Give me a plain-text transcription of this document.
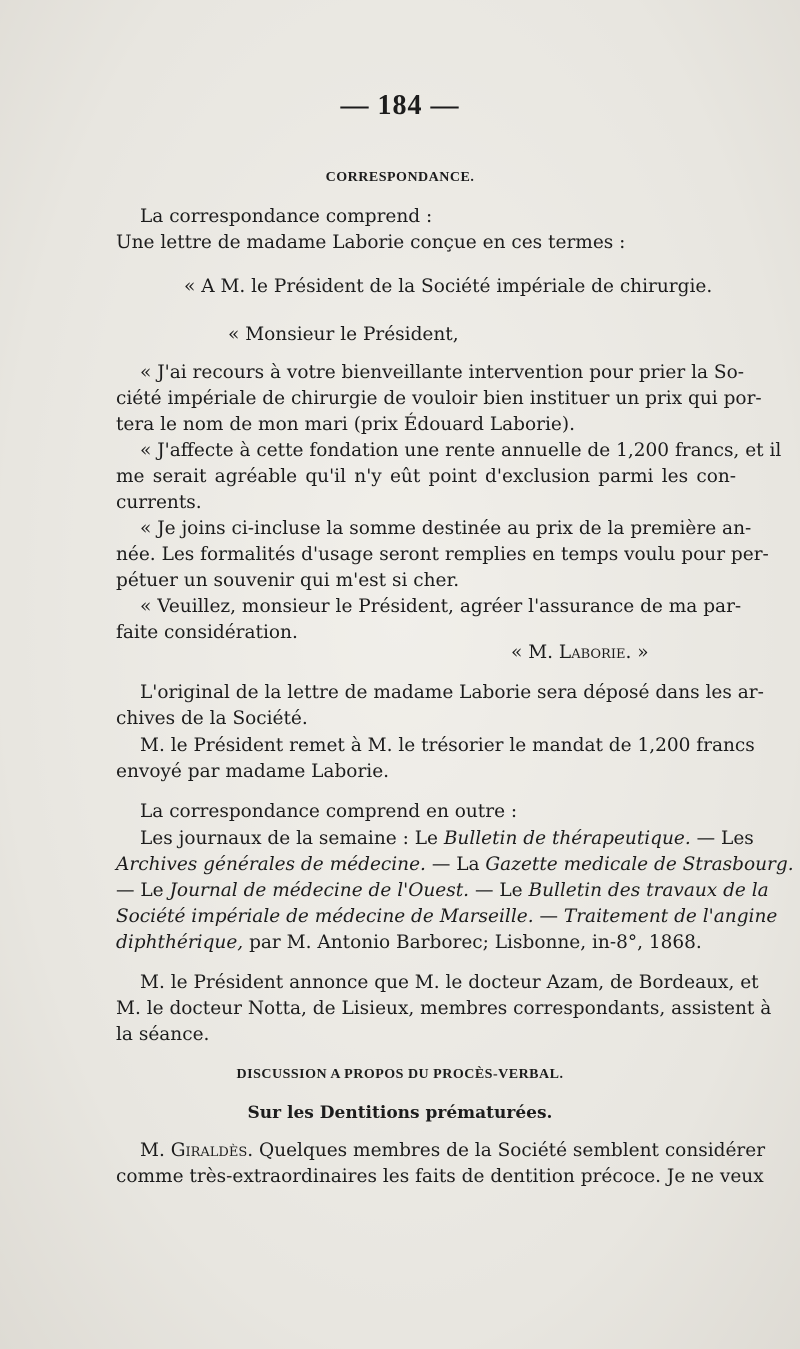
— 184 —
CORRESPONDANCE.
La correspondance comprend :
Une lettre de madame Laborie conçue en ces termes :
« A M. le Président de la Société impériale de chirurgie.
« Monsieur le Président,
« J'ai recours à votre bienveillante intervention pour prier la So-
ciété impériale de chirurgie de vouloir bien instituer un prix qui por-
tera le nom de mon mari (prix Édouard Laborie).
« J'affecte à cette fondation une rente annuelle de 1,200 francs, et il
me serait agréable qu'il n'y eût point d'exclusion parmi les con-
currents.
« Je joins ci-incluse la somme destinée au prix de la première an-
née. Les formalités d'usage seront remplies en temps voulu pour per-
pétuer un souvenir qui m'est si cher.
« Veuillez, monsieur le Président, agréer l'assurance de ma par-
faite considération.
« M. Laborie. »
L'original de la lettre de madame Laborie sera déposé dans les ar-
chives de la Société.
M. le Président remet à M. le trésorier le mandat de 1,200 francs
envoyé par madame Laborie.
La correspondance comprend en outre :
Les journaux de la semaine : Le Bulletin de thérapeutique. — Les
Archives générales de médecine. — La Gazette medicale de Strasbourg.
— Le Journal de médecine de l'Ouest. — Le Bulletin des travaux de la
Société impériale de médecine de Marseille. — Traitement de l'angine
diphthérique, par M. Antonio Barborec; Lisbonne, in-8°, 1868.
M. le Président annonce que M. le docteur Azam, de Bordeaux, et
M. le docteur Notta, de Lisieux, membres correspondants, assistent à
la séance.
DISCUSSION A PROPOS DU PROCÈS-VERBAL.
Sur les Dentitions prématurées.
M. Giraldès. Quelques membres de la Société semblent considérer
comme très-extraordinaires les faits de dentition précoce. Je ne veux
